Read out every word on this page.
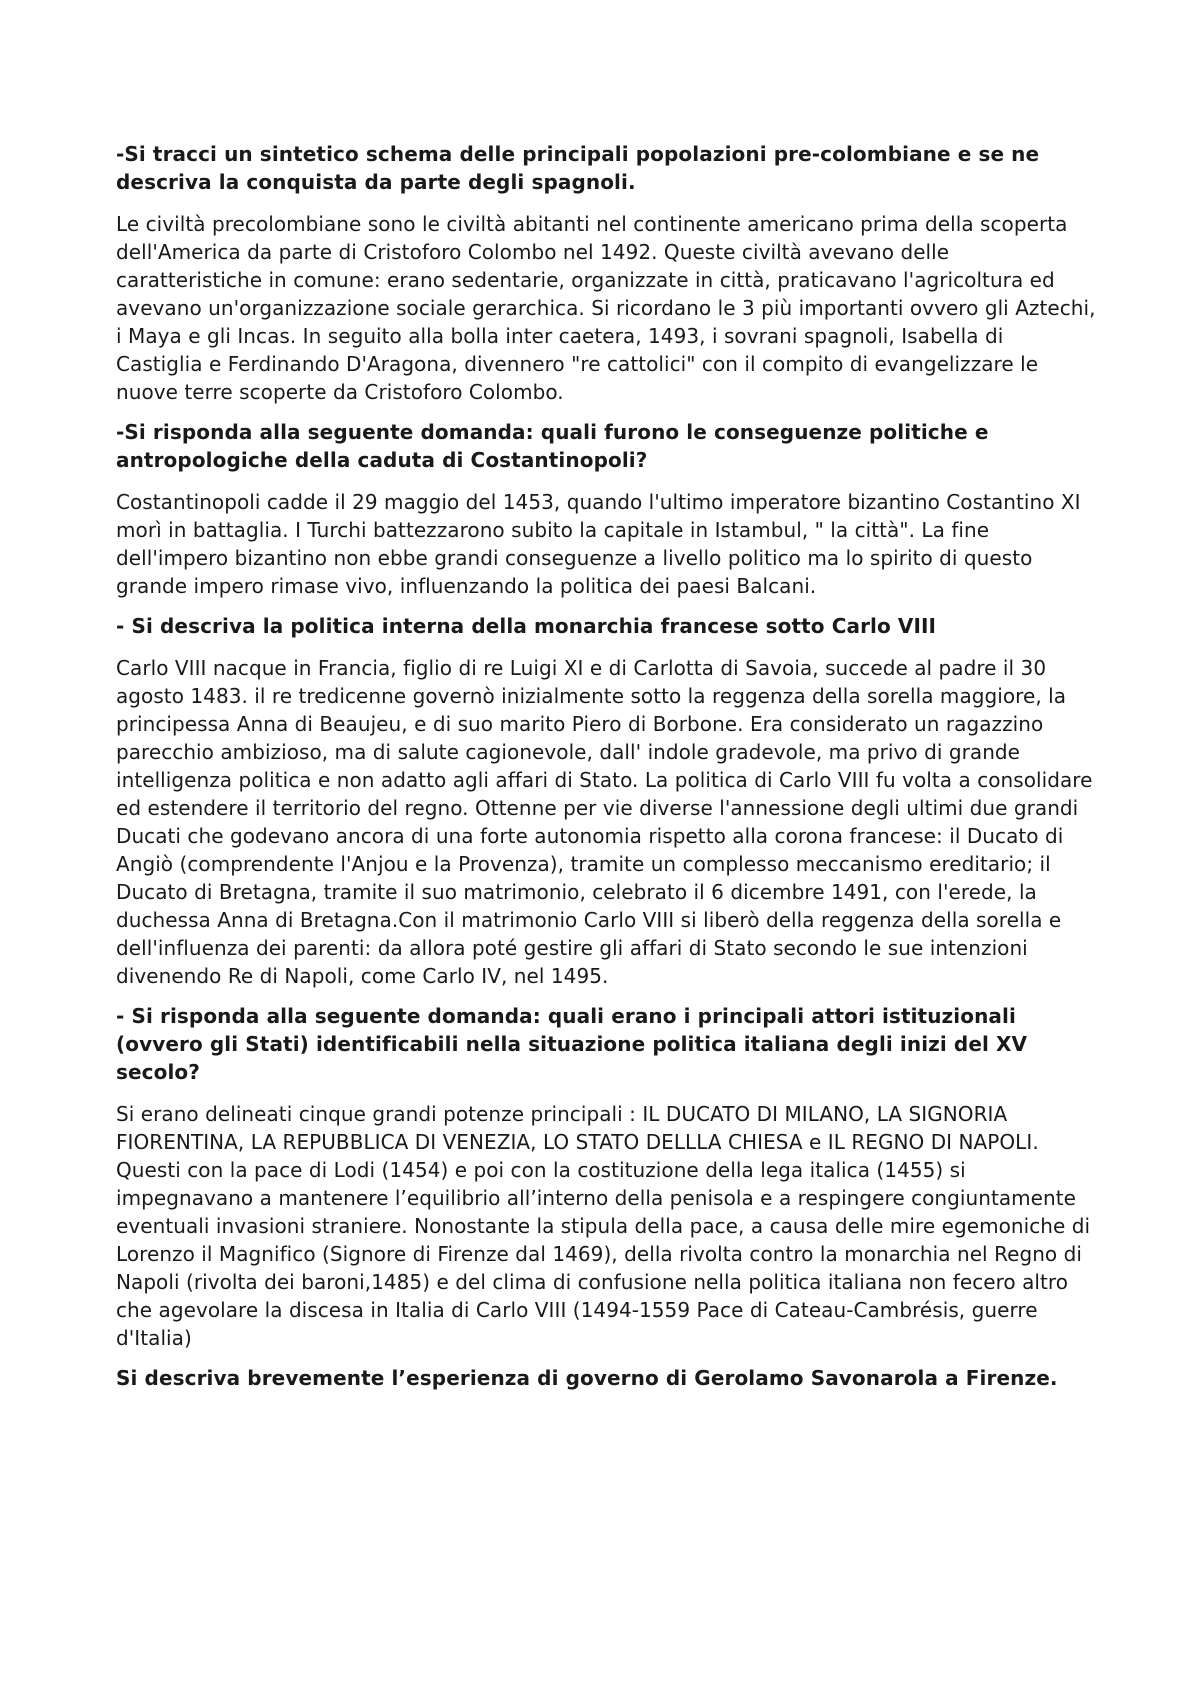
-Si tracci un sintetico schema delle principali popolazioni pre-colombiane e se ne descriva la conquista da parte degli spagnoli.

Le civiltà precolombiane sono le civiltà abitanti nel continente americano prima della scoperta dell'America da parte di Cristoforo Colombo nel 1492. Queste civiltà avevano delle caratteristiche in comune: erano sedentarie, organizzate in città, praticavano l'agricoltura ed avevano un'organizzazione sociale gerarchica. Si ricordano le 3 più importanti ovvero gli Aztechi, i Maya e gli Incas. In seguito alla bolla inter caetera, 1493, i sovrani spagnoli, Isabella di Castiglia e Ferdinando D'Aragona, divennero "re cattolici" con il compito di evangelizzare le nuove terre scoperte da Cristoforo Colombo.

-Si risponda alla seguente domanda: quali furono le conseguenze politiche e antropologiche della caduta di Costantinopoli?

Costantinopoli cadde il 29 maggio del 1453, quando l'ultimo imperatore bizantino Costantino XI morì in battaglia. I Turchi battezzarono subito la capitale in Istambul, " la città". La fine dell'impero bizantino non ebbe grandi conseguenze a livello politico ma lo spirito di questo grande impero rimase vivo, influenzando la politica dei paesi Balcani.

- Si descriva la politica interna della monarchia francese sotto Carlo VIII

Carlo VIII nacque in Francia, figlio di re Luigi XI e di Carlotta di Savoia, succede al padre il 30 agosto 1483. il re tredicenne governò inizialmente sotto la reggenza della sorella maggiore, la principessa Anna di Beaujeu, e di suo marito Piero di Borbone. Era considerato un ragazzino parecchio ambizioso, ma di salute cagionevole, dall' indole gradevole, ma privo di grande intelligenza politica e non adatto agli affari di Stato. La politica di Carlo VIII fu volta a consolidare ed estendere il territorio del regno. Ottenne per vie diverse l'annessione degli ultimi due grandi Ducati che godevano ancora di una forte autonomia rispetto alla corona francese: il Ducato di Angiò (comprendente l'Anjou e la Provenza), tramite un complesso meccanismo ereditario; il Ducato di Bretagna, tramite il suo matrimonio, celebrato il 6 dicembre 1491, con l'erede, la duchessa Anna di Bretagna.Con il matrimonio Carlo VIII si liberò della reggenza della sorella e dell'influenza dei parenti: da allora poté gestire gli affari di Stato secondo le sue intenzioni divenendo Re di Napoli, come Carlo IV, nel 1495.

- Si risponda alla seguente domanda: quali erano i principali attori istituzionali (ovvero gli Stati) identificabili nella situazione politica italiana degli inizi del XV secolo?

Si erano delineati cinque grandi potenze principali : IL DUCATO DI MILANO, LA SIGNORIA FIORENTINA, LA REPUBBLICA DI VENEZIA, LO STATO DELLLA CHIESA e IL REGNO DI NAPOLI. Questi con la pace di Lodi (1454) e poi con la costituzione della lega italica (1455) si impegnavano a mantenere l’equilibrio all’interno della penisola e a respingere congiuntamente eventuali invasioni straniere. Nonostante la stipula della pace, a causa delle mire egemoniche di Lorenzo il Magnifico (Signore di Firenze dal 1469), della rivolta contro la monarchia nel Regno di Napoli (rivolta dei baroni,1485) e del clima di confusione nella politica italiana non fecero altro che agevolare la discesa in Italia di Carlo VIII (1494-1559 Pace di Cateau-Cambrésis, guerre d'Italia)

Si descriva brevemente l’esperienza di governo di Gerolamo Savonarola a Firenze.
